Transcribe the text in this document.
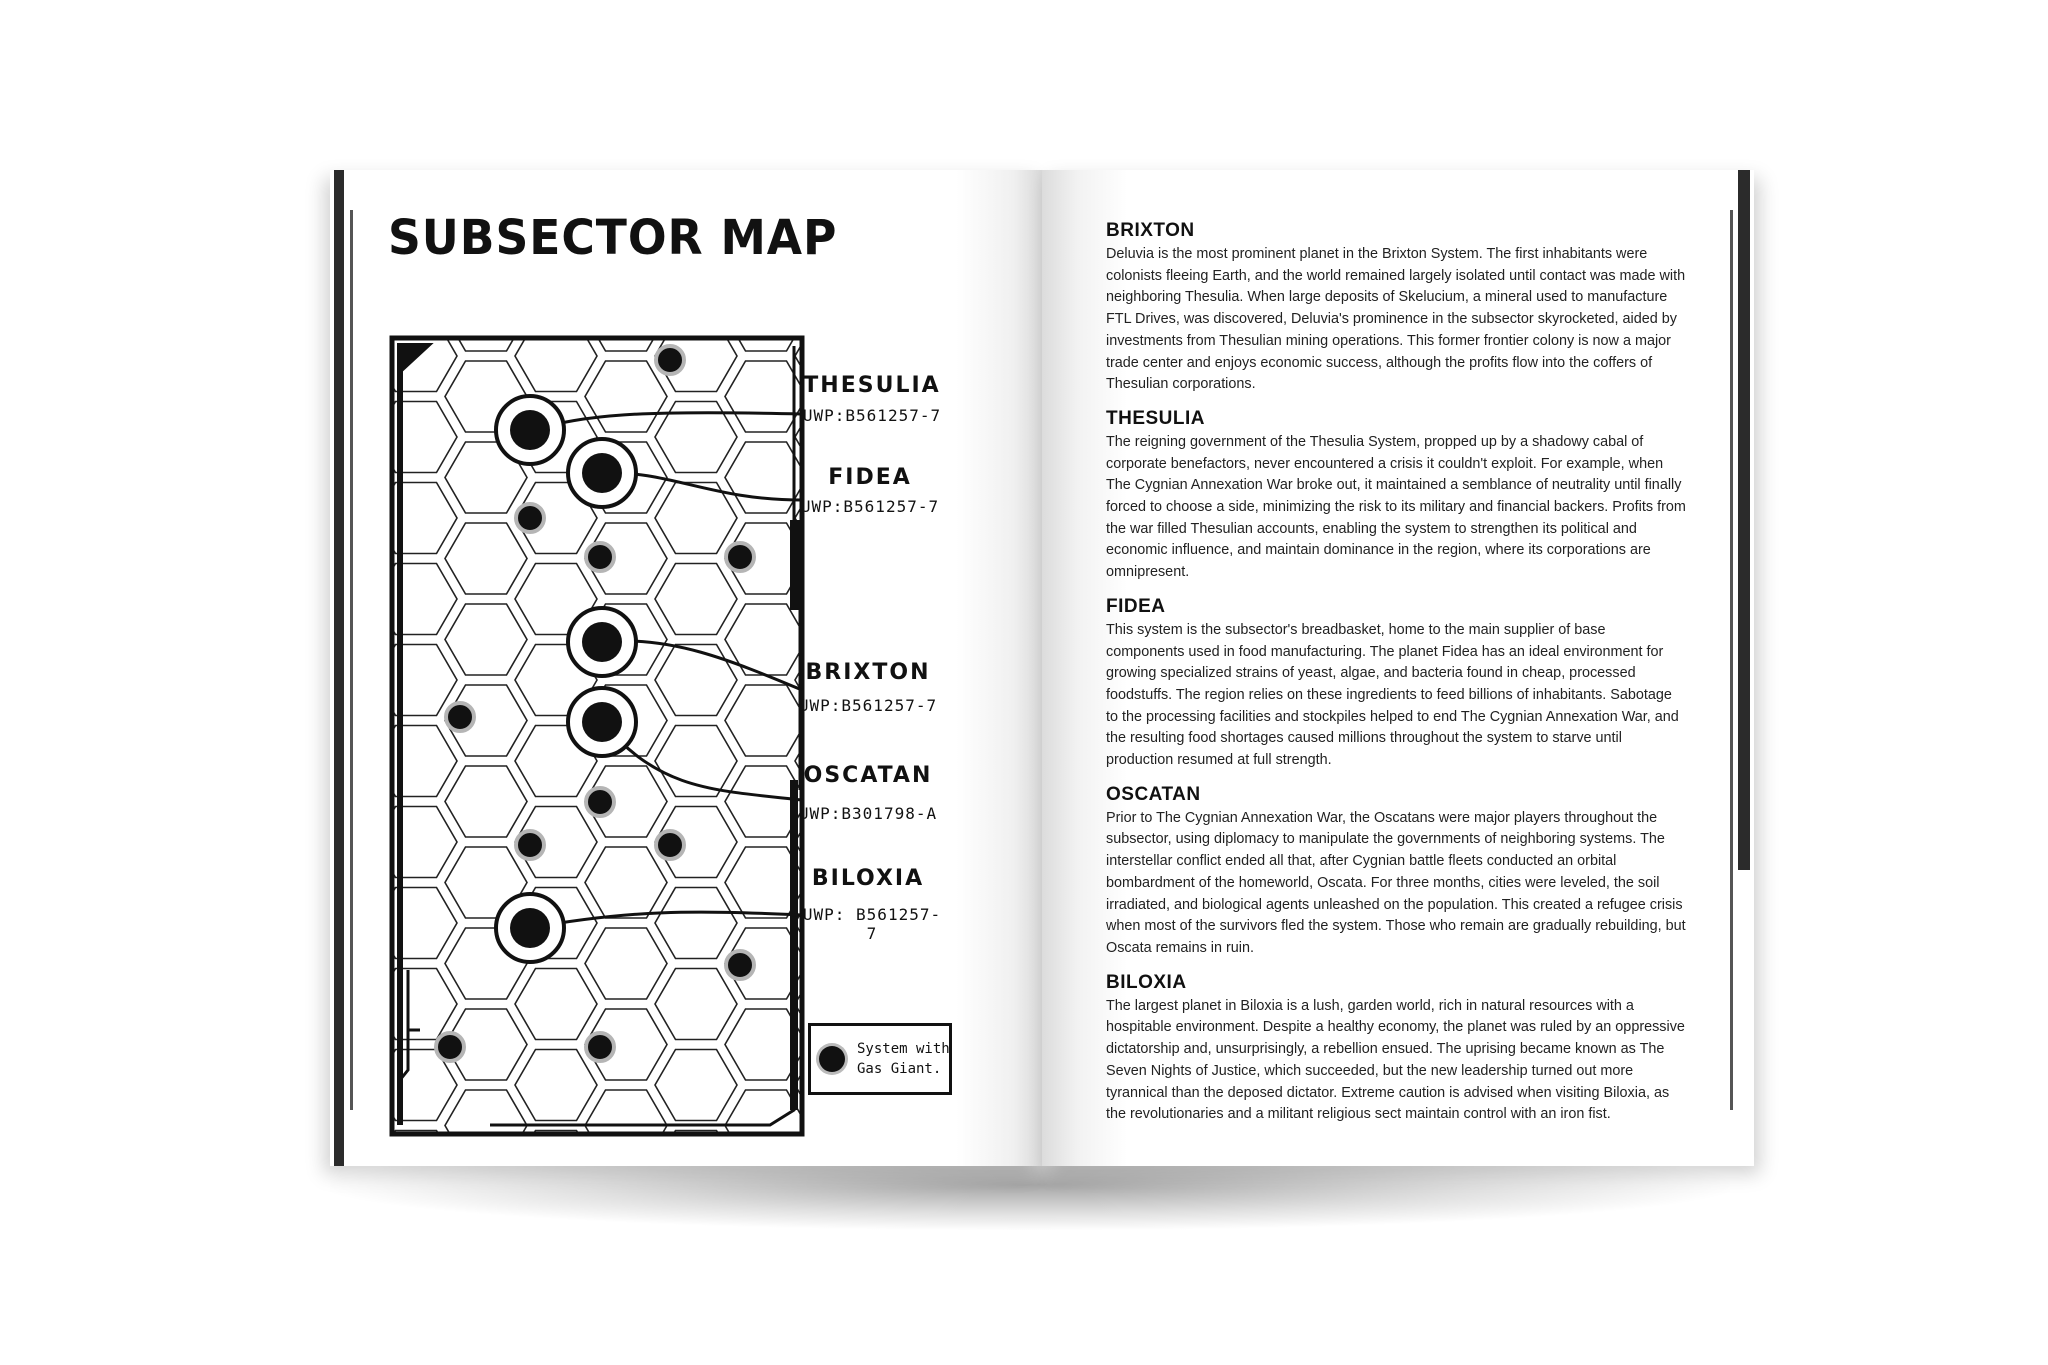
SUBSECTOR MAP
THESULIA
UWP:B561257-7
FIDEA
UWP:B561257-7
BRIXTON
UWP:B561257-7
OSCATAN
UWP:B301798-A
BILOXIA
UWP: B561257-7
System with
Gas Giant.
BRIXTON

Deluvia is the most prominent planet in the Brixton System. The first inhabitants were colonists fleeing Earth, and the world remained largely isolated until contact was made with neighboring Thesulia. When large deposits of Skelucium, a mineral used to manufacture FTL Drives, was discovered, Deluvia's prominence in the subsector skyrocketed, aided by investments from Thesulian mining operations. This former frontier colony is now a major trade center and enjoys economic success, although the profits flow into the coffers of Thesulian corporations.

THESULIA

The reigning government of the Thesulia System, propped up by a shadowy cabal of corporate benefactors, never encountered a crisis it couldn't exploit. For example, when The Cygnian Annexation War broke out, it maintained a semblance of neutrality until finally forced to choose a side, minimizing the risk to its military and financial backers. Profits from the war filled Thesulian accounts, enabling the system to strengthen its political and economic influence, and maintain dominance in the region, where its corporations are omnipresent.

FIDEA

This system is the subsector's breadbasket, home to the main supplier of base components used in food manufacturing. The planet Fidea has an ideal environment for growing specialized strains of yeast, algae, and bacteria found in cheap, processed foodstuffs. The region relies on these ingredients to feed billions of inhabitants. Sabotage to the processing facilities and stockpiles helped to end The Cygnian Annexation War, and the resulting food shortages caused millions throughout the system to starve until production resumed at full strength.

OSCATAN

Prior to The Cygnian Annexation War, the Oscatans were major players throughout the subsector, using diplomacy to manipulate the governments of neighboring systems. The interstellar conflict ended all that, after Cygnian battle fleets conducted an orbital bombardment of the homeworld, Oscata. For three months, cities were leveled, the soil irradiated, and biological agents unleashed on the population. This created a refugee crisis when most of the survivors fled the system. Those who remain are gradually rebuilding, but Oscata remains in ruin.

BILOXIA

The largest planet in Biloxia is a lush, garden world, rich in natural resources with a hospitable environment. Despite a healthy economy, the planet was ruled by an oppressive dictatorship and, unsurprisingly, a rebellion ensued. The uprising became known as The Seven Nights of Justice, which succeeded, but the new leadership turned out more tyrannical than the deposed dictator. Extreme caution is advised when visiting Biloxia, as the revolutionaries and a militant religious sect maintain control with an iron fist.
